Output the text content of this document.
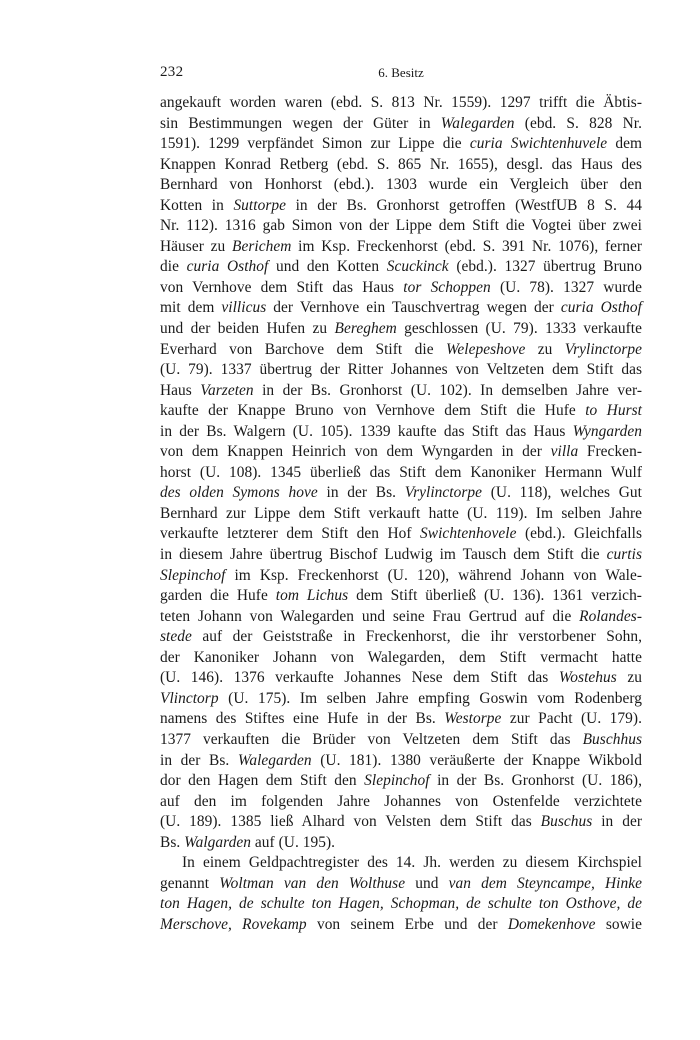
232	6. Besitz
angekauft worden waren (ebd. S. 813 Nr. 1559). 1297 trifft die Äbtis-
sin Bestimmungen wegen der Güter in Walegarden (ebd. S. 828 Nr.
1591). 1299 verpfändet Simon zur Lippe die curia Swichtenhuvele dem
Knappen Konrad Retberg (ebd. S. 865 Nr. 1655), desgl. das Haus des
Bernhard von Honhorst (ebd.). 1303 wurde ein Vergleich über den
Kotten in Suttorpe in der Bs. Gronhorst getroffen (WestfUB 8 S. 44
Nr. 112). 1316 gab Simon von der Lippe dem Stift die Vogtei über zwei
Häuser zu Berichem im Ksp. Freckenhorst (ebd. S. 391 Nr. 1076), ferner
die curia Osthof und den Kotten Scuckinck (ebd.). 1327 übertrug Bruno
von Vernhove dem Stift das Haus tor Schoppen (U. 78). 1327 wurde
mit dem villicus der Vernhove ein Tauschvertrag wegen der curia Osthof
und der beiden Hufen zu Bereghem geschlossen (U. 79). 1333 verkaufte
Everhard von Barchove dem Stift die Welepeshove zu Vrylinctorpe
(U. 79). 1337 übertrug der Ritter Johannes von Veltzeten dem Stift das
Haus Varzeten in der Bs. Gronhorst (U. 102). In demselben Jahre ver-
kaufte der Knappe Bruno von Vernhove dem Stift die Hufe to Hurst
in der Bs. Walgern (U. 105). 1339 kaufte das Stift das Haus Wyngarden
von dem Knappen Heinrich von dem Wyngarden in der villa Frecken-
horst (U. 108). 1345 überließ das Stift dem Kanoniker Hermann Wulf
des olden Symons hove in der Bs. Vrylinctorpe (U. 118), welches Gut
Bernhard zur Lippe dem Stift verkauft hatte (U. 119). Im selben Jahre
verkaufte letzterer dem Stift den Hof Swichtenhovele (ebd.). Gleichfalls
in diesem Jahre übertrug Bischof Ludwig im Tausch dem Stift die curtis
Slepinchof im Ksp. Freckenhorst (U. 120), während Johann von Wale-
garden die Hufe tom Lichus dem Stift überließ (U. 136). 1361 verzich-
teten Johann von Walegarden und seine Frau Gertrud auf die Rolandes-
stede auf der Geiststraße in Freckenhorst, die ihr verstorbener Sohn,
der Kanoniker Johann von Walegarden, dem Stift vermacht hatte
(U. 146). 1376 verkaufte Johannes Nese dem Stift das Wostehus zu
Vlinctorp (U. 175). Im selben Jahre empfing Goswin vom Rodenberg
namens des Stiftes eine Hufe in der Bs. Westorpe zur Pacht (U. 179).
1377 verkauften die Brüder von Veltzeten dem Stift das Buschhus
in der Bs. Walegarden (U. 181). 1380 veräußerte der Knappe Wikbold
dor den Hagen dem Stift den Slepinchof in der Bs. Gronhorst (U. 186),
auf den im folgenden Jahre Johannes von Ostenfelde verzichtete
(U. 189). 1385 ließ Alhard von Velsten dem Stift das Buschus in der
Bs. Walgarden auf (U. 195).
In einem Geldpachtregister des 14. Jh. werden zu diesem Kirchspiel
genannt Woltman van den Wolthuse und van dem Steyncampe, Hinke
ton Hagen, de schulte ton Hagen, Schopman, de schulte ton Osthove, de
Merschove, Rovekamp von seinem Erbe und der Domekenhove sowie
